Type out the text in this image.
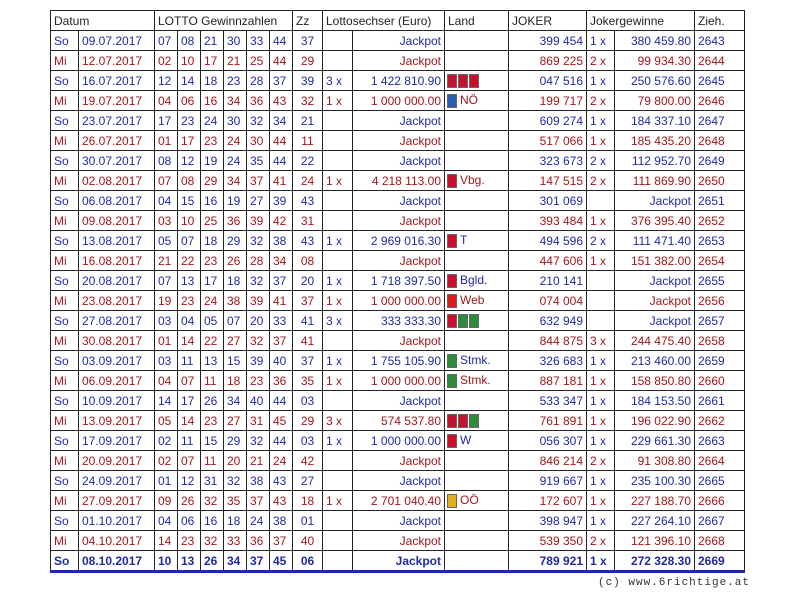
Datum		LOTTO Gewinnzahlen						Zz	Lottosechser (Euro)		Land	JOKER	Jokergewinne		Zieh.
So	09.07.2017	07	08	21	30	33	44	37		Jackpot		399 454	1 x	380 459.80	2643
Mi	12.07.2017	02	10	17	21	25	44	29		Jackpot		869 225	2 x	99 934.30	2644
So	16.07.2017	12	14	18	23	28	37	39	3 x	1 422 810.90		047 516	1 x	250 576.60	2645
Mi	19.07.2017	04	06	16	34	36	43	32	1 x	1 000 000.00	NÖ	199 717	2 x	79 800.00	2646
So	23.07.2017	17	23	24	30	32	34	21		Jackpot		609 274	1 x	184 337.10	2647
Mi	26.07.2017	01	17	23	24	30	44	11		Jackpot		517 066	1 x	185 435.20	2648
So	30.07.2017	08	12	19	24	35	44	22		Jackpot		323 673	2 x	112 952.70	2649
Mi	02.08.2017	07	08	29	34	37	41	24	1 x	4 218 113.00	Vbg.	147 515	2 x	111 869.90	2650
So	06.08.2017	04	15	16	19	27	39	43		Jackpot		301 069		Jackpot	2651
Mi	09.08.2017	03	10	25	36	39	42	31		Jackpot		393 484	1 x	376 395.40	2652
So	13.08.2017	05	07	18	29	32	38	43	1 x	2 969 016.30	T	494 596	2 x	111 471.40	2653
Mi	16.08.2017	21	22	23	26	28	34	08		Jackpot		447 606	1 x	151 382.00	2654
So	20.08.2017	07	13	17	18	32	37	20	1 x	1 718 397.50	Bgld.	210 141		Jackpot	2655
Mi	23.08.2017	19	23	24	38	39	41	37	1 x	1 000 000.00	Web	074 004		Jackpot	2656
So	27.08.2017	03	04	05	07	20	33	41	3 x	333 333.30		632 949		Jackpot	2657
Mi	30.08.2017	01	14	22	27	32	37	41		Jackpot		844 875	3 x	244 475.40	2658
So	03.09.2017	03	11	13	15	39	40	37	1 x	1 755 105.90	Stmk.	326 683	1 x	213 460.00	2659
Mi	06.09.2017	04	07	11	18	23	36	35	1 x	1 000 000.00	Stmk.	887 181	1 x	158 850.80	2660
So	10.09.2017	14	17	26	34	40	44	03		Jackpot		533 347	1 x	184 153.50	2661
Mi	13.09.2017	05	14	23	27	31	45	29	3 x	574 537.80		761 891	1 x	196 022.90	2662
So	17.09.2017	02	11	15	29	32	44	03	1 x	1 000 000.00	W	056 307	1 x	229 661.30	2663
Mi	20.09.2017	02	07	11	20	21	24	42		Jackpot		846 214	2 x	91 308.80	2664
So	24.09.2017	01	12	31	32	38	43	27		Jackpot		919 667	1 x	235 100.30	2665
Mi	27.09.2017	09	26	32	35	37	43	18	1 x	2 701 040.40	OÖ	172 607	1 x	227 188.70	2666
So	01.10.2017	04	06	16	18	24	38	01		Jackpot		398 947	1 x	227 264.10	2667
Mi	04.10.2017	14	23	32	33	36	37	40		Jackpot		539 350	2 x	121 396.10	2668
So	08.10.2017	10	13	26	34	37	45	06		Jackpot		789 921	1 x	272 328.30	2669
(c) www.6richtige.at
